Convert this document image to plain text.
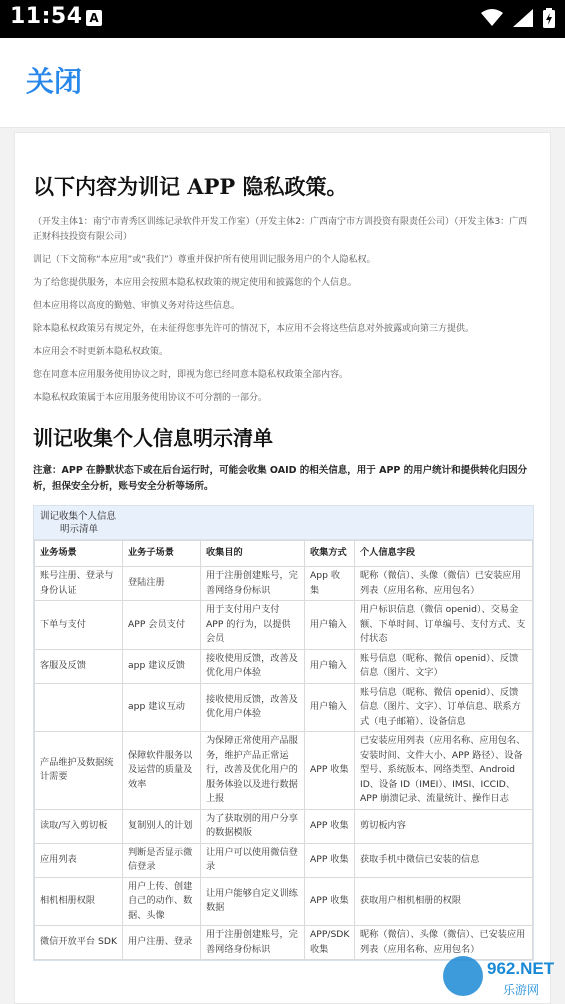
11:54 A
关闭
以下内容为训记 APP 隐私政策。
（开发主体1：南宁市青秀区训练记录软件开发工作室）（开发主体2：广西南宁市方训投资有限责任公司）（开发主体3：广西正财科技投资有限公司）
训记（下文简称“本应用”或“我们”）尊重并保护所有使用训记服务用户的个人隐私权。
为了给您提供服务，本应用会按照本隐私权政策的规定使用和披露您的个人信息。
但本应用将以高度的勤勉、审慎义务对待这些信息。
除本隐私权政策另有规定外，在未征得您事先许可的情况下，本应用不会将这些信息对外披露或向第三方提供。
本应用会不时更新本隐私权政策。
您在同意本应用服务使用协议之时，即视为您已经同意本隐私权政策全部内容。
本隐私权政策属于本应用服务使用协议不可分割的一部分。
训记收集个人信息明示清单
注意：APP 在静默状态下或在后台运行时，可能会收集 OAID 的相关信息，用于 APP 的用户统计和提供转化归因分析，担保安全分析，账号安全分析等场所。
训记收集个人信息
明示清单
业务场景	业务子场景	收集目的	收集方式	个人信息字段
账号注册、登录与身份认证	登陆注册	用于注册创建账号，完善网络身份标识	App 收集	昵称（微信）、头像（微信）已安装应用列表（应用名称、应用包名）
下单与支付	APP 会员支付	用于支付用户支付 APP 的行为，以提供会员	用户输入	用户标识信息（微信 openid）、交易金额、下单时间、订单编号、支付方式、支付状态
客服及反馈	app 建议反馈	接收使用反馈，改善及优化用户体验	用户输入	账号信息（昵称、微信 openid）、反馈信息（图片、文字）
	app 建议互动	接收使用反馈，改善及优化用户体验	用户输入	账号信息（昵称、微信 openid）、反馈信息（图片、文字）、订单信息、联系方式（电子邮箱）、设备信息
产品维护及数据统计需要	保障软件服务以及运营的质量及效率	为保障正常使用产品服务，维护产品正常运行，改善及优化用户的服务体验以及进行数据上报	APP 收集	已安装应用列表（应用名称、应用包名、安装时间、文件大小、APP 路径）、设备型号、系统版本、网络类型、Android ID、设备 ID（IMEI）、IMSI、ICCID、APP 崩溃记录、流量统计、操作日志
读取/写入剪切板	复制别人的计划	为了获取别的用户分享的数据模版	APP 收集	剪切板内容
应用列表	判断是否显示微信登录	让用户可以使用微信登录	APP 收集	获取手机中微信已安装的信息
相机相册权限	用户上传、创建自己的动作、数据、头像	让用户能够自定义训练数据	APP 收集	获取用户相机相册的权限
微信开放平台 SDK	用户注册、登录	用于注册创建账号，完善网络身份标识	APP/SDK 收集	昵称（微信）、头像（微信）、已安装应用列表（应用名称、应用包名）
962.NET
乐游网
